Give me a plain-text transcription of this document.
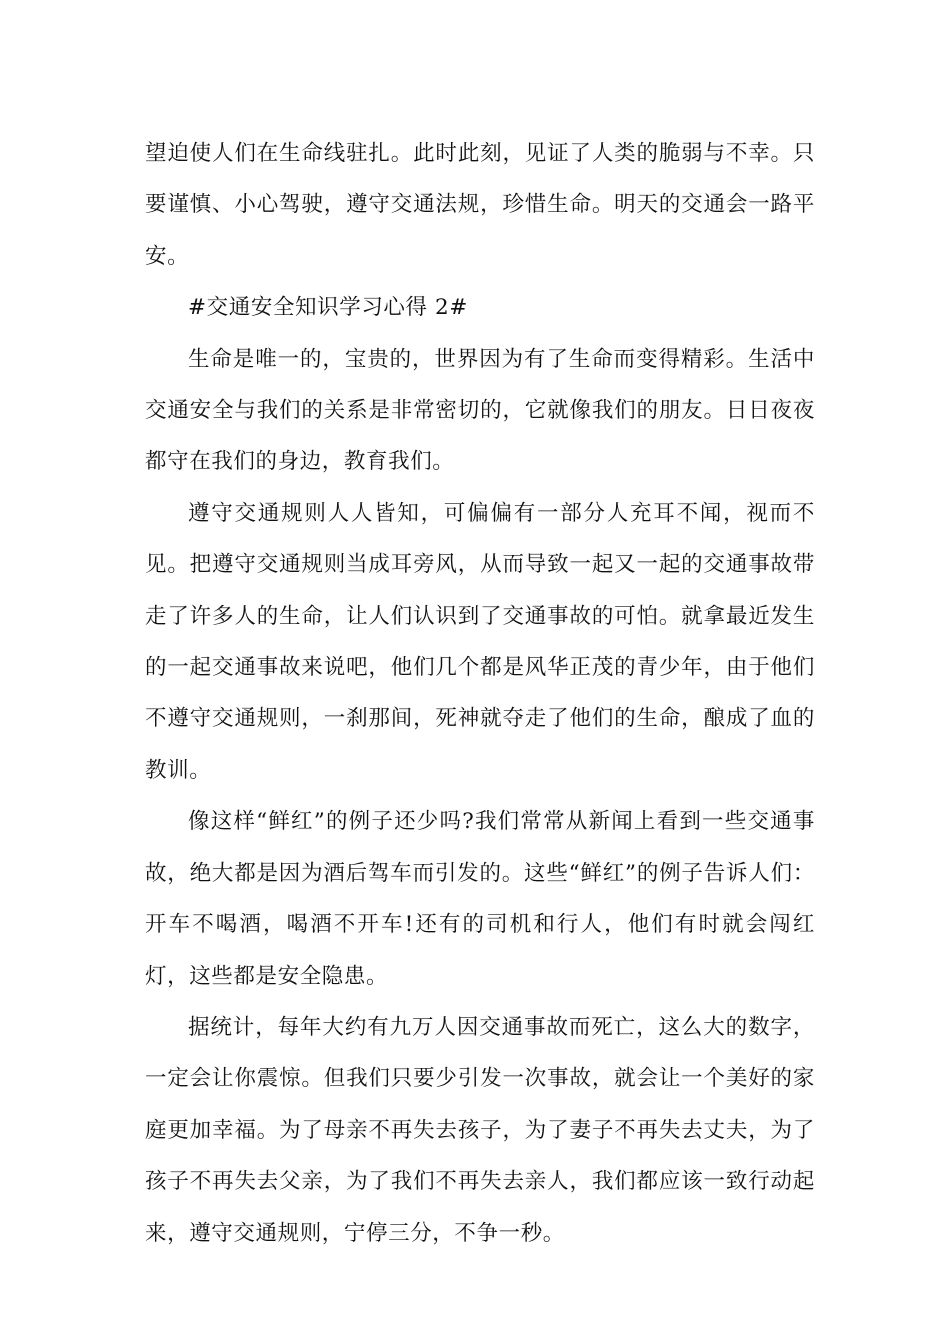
望迫使人们在生命线驻扎。此时此刻，见证了人类的脆弱与不幸。只要谨慎、小心驾驶，遵守交通法规，珍惜生命。明天的交通会一路平安。

#交通安全知识学习心得 2#

生命是唯一的，宝贵的，世界因为有了生命而变得精彩。生活中交通安全与我们的关系是非常密切的，它就像我们的朋友。日日夜夜都守在我们的身边，教育我们。

遵守交通规则人人皆知，可偏偏有一部分人充耳不闻，视而不见。把遵守交通规则当成耳旁风，从而导致一起又一起的交通事故带走了许多人的生命，让人们认识到了交通事故的可怕。就拿最近发生的一起交通事故来说吧，他们几个都是风华正茂的青少年，由于他们不遵守交通规则，一刹那间，死神就夺走了他们的生命，酿成了血的教训。

像这样“鲜红”的例子还少吗?我们常常从新闻上看到一些交通事故，绝大都是因为酒后驾车而引发的。这些“鲜红”的例子告诉人们：开车不喝酒，喝酒不开车!还有的司机和行人，他们有时就会闯红灯，这些都是安全隐患。

据统计，每年大约有九万人因交通事故而死亡，这么大的数字，一定会让你震惊。但我们只要少引发一次事故，就会让一个美好的家庭更加幸福。为了母亲不再失去孩子，为了妻子不再失去丈夫，为了孩子不再失去父亲，为了我们不再失去亲人，我们都应该一致行动起来，遵守交通规则，宁停三分，不争一秒。
